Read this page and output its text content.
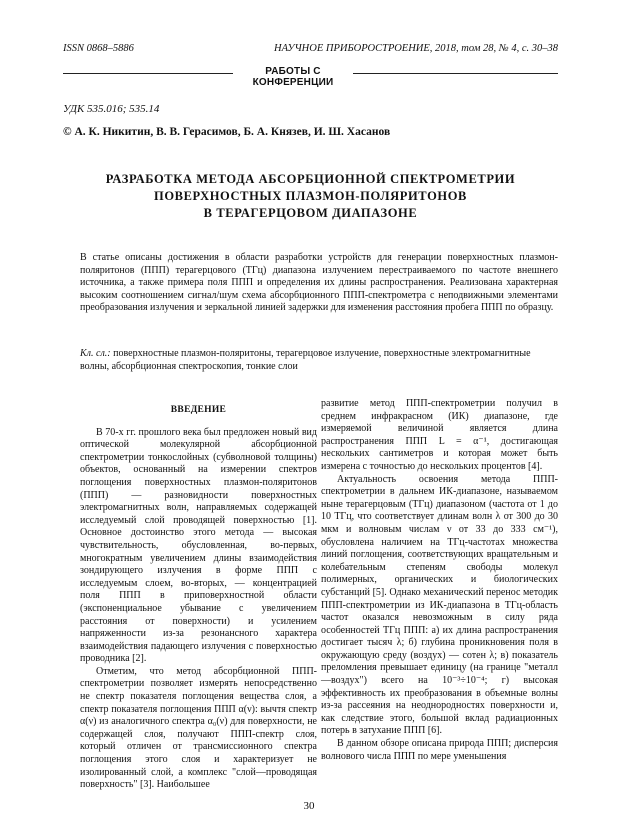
ISSN 0868–5886	НАУЧНОЕ ПРИБОРОСТРОЕНИЕ, 2018, том 28, № 4, с. 30–38
РАБОТЫ С КОНФЕРЕНЦИИ
УДК 535.016; 535.14
© А. К. Никитин, В. В. Герасимов, Б. А. Князев, И. Ш. Хасанов
РАЗРАБОТКА МЕТОДА АБСОРБЦИОННОЙ СПЕКТРОМЕТРИИ
ПОВЕРХНОСТНЫХ ПЛАЗМОН-ПОЛЯРИТОНОВ
В ТЕРАГЕРЦОВОМ ДИАПАЗОНЕ
В статье описаны достижения в области разработки устройств для генерации поверхностных плазмон-поляритонов (ППП) терагерцового (ТГц) диапазона излучением перестраиваемого по частоте внешнего источника, а также примера поля ППП и определения их длины распространения. Реализована характерная высоким соотношением сигнал/шум схема абсорбционного ППП-спектрометра с неподвижными элементами преобразования излучения и зеркальной линией задержки для изменения расстояния пробега ППП по образцу.
Кл. сл.: поверхностные плазмон-поляритоны, терагерцовое излучение, поверхностные электромагнитные волны, абсорбционная спектроскопия, тонкие слои
ВВЕДЕНИЕ

В 70-х гг. прошлого века был предложен новый вид оптической молекулярной абсорбционной спектрометрии тонкослойных (субволновой толщины) объектов, основанный на измерении спектров поглощения поверхностных плазмон-поляритонов (ППП) — разновидности поверхностных электромагнитных волн, направляемых содержащей исследуемый слой проводящей поверхностью [1]. Основное достоинство этого метода — высокая чувствительность, обусловленная, во-первых, многократным увеличением длины взаимодействия зондирующего излучения в форме ППП с исследуемым слоем, во-вторых, — концентрацией поля ППП в приповерхностной области (экспоненциальное убывание с увеличением расстояния от поверхности) и усилением напряженности из-за резонансного характера взаимодействия падающего излучения с поверхностью проводника [2].

Отметим, что метод абсорбционной ППП-спектрометрии позволяет измерять непосредственно не спектр показателя поглощения вещества слоя, а спектр показателя поглощения ППП α(ν): вычтя спектр α(ν) из аналогичного спектра α₀(ν) для поверхности, не содержащей слоя, получают ППП-спектр слоя, который отличен от трансмиссионного спектра поглощения этого слоя и характеризует не изолированный слой, а комплекс "слой—проводящая поверхность" [3]. Наибольшее

развитие метод ППП-спектрометрии получил в среднем инфракрасном (ИК) диапазоне, где измеряемой величиной является длина распространения ППП L = α⁻¹, достигающая нескольких сантиметров и которая может быть измерена с точностью до нескольких процентов [4].

Актуальность освоения метода ППП-спектрометрии в дальнем ИК-диапазоне, называемом ныне терагерцовым (ТГц) диапазоном (частота от 1 до 10 ТГц, что соответствует длинам волн λ от 300 до 30 мкм и волновым числам ν от 33 до 333 см⁻¹), обусловлена наличием на ТГц-частотах множества линий поглощения, соответствующих вращательным и колебательным степеням свободы молекул полимерных, органических и биологических субстанций [5]. Однако механический перенос методик ППП-спектрометрии из ИК-диапазона в ТГц-область частот оказался невозможным в силу ряда особенностей ТГц ППП: а) их длина распространения достигает тысяч λ; б) глубина проникновения поля в окружающую среду (воздух) — сотен λ; в) показатель преломления превышает единицу (на границе "металл—воздух") всего на 10⁻³÷10⁻⁴; г) высокая эффективность их преобразования в объемные волны из-за рассеяния на неоднородностях поверхности и, как следствие этого, большой вклад радиационных потерь в затухание ППП [6].

В данном обзоре описана природа ППП; дисперсия волнового числа ППП по мере уменьшения

30
